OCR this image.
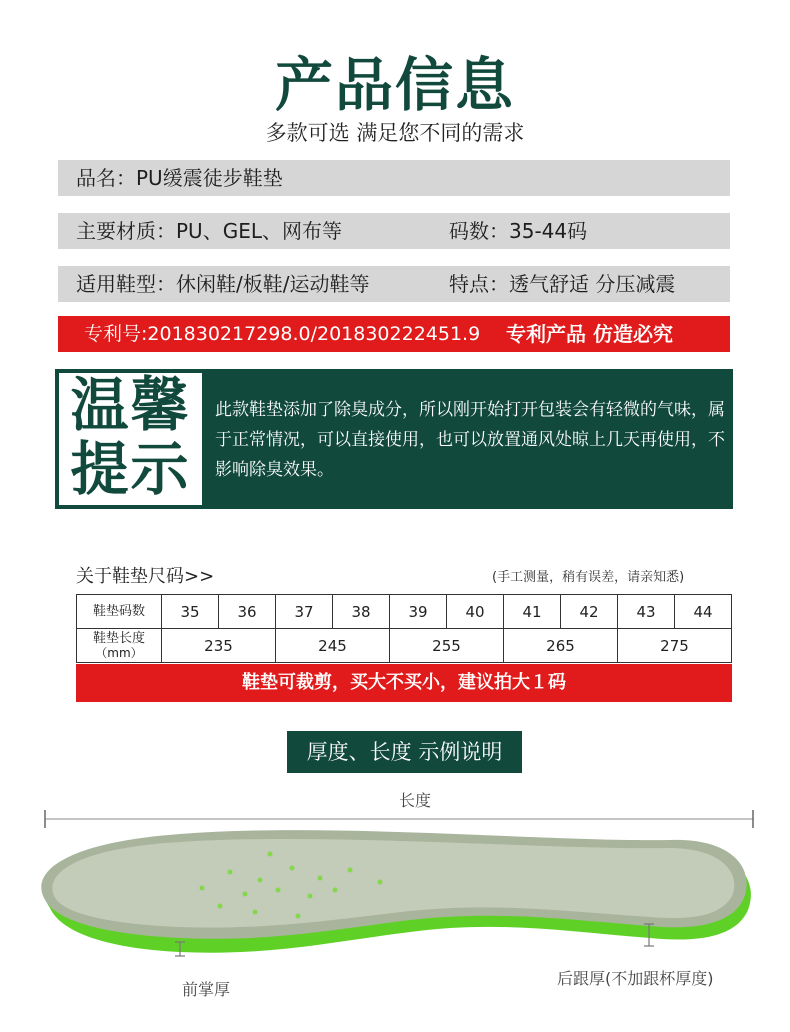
产品信息
多款可选 满足您不同的需求
品名：PU缓震徒步鞋垫
主要材质：PU、GEL、网布等	码数：35-44码
适用鞋型：休闲鞋/板鞋/运动鞋等	特点：透气舒适 分压减震
专利号:201830217298.0/201830222451.9 专利产品 仿造必究
温馨
提示
此款鞋垫添加了除臭成分，所以刚开始打开包装会有轻微的气味，属于正常情况，可以直接使用，也可以放置通风处晾上几天再使用，不影响除臭效果。
关于鞋垫尺码>>	(手工测量，稍有误差，请亲知悉)
鞋垫码数	35	36	37	38	39	40	41	42	43	44
鞋垫长度
（mm）	235		245		255		265		275	
鞋垫可裁剪，买大不买小，建议拍大１码
厚度、长度 示例说明
长度
前掌厚
后跟厚(不加跟杯厚度)
